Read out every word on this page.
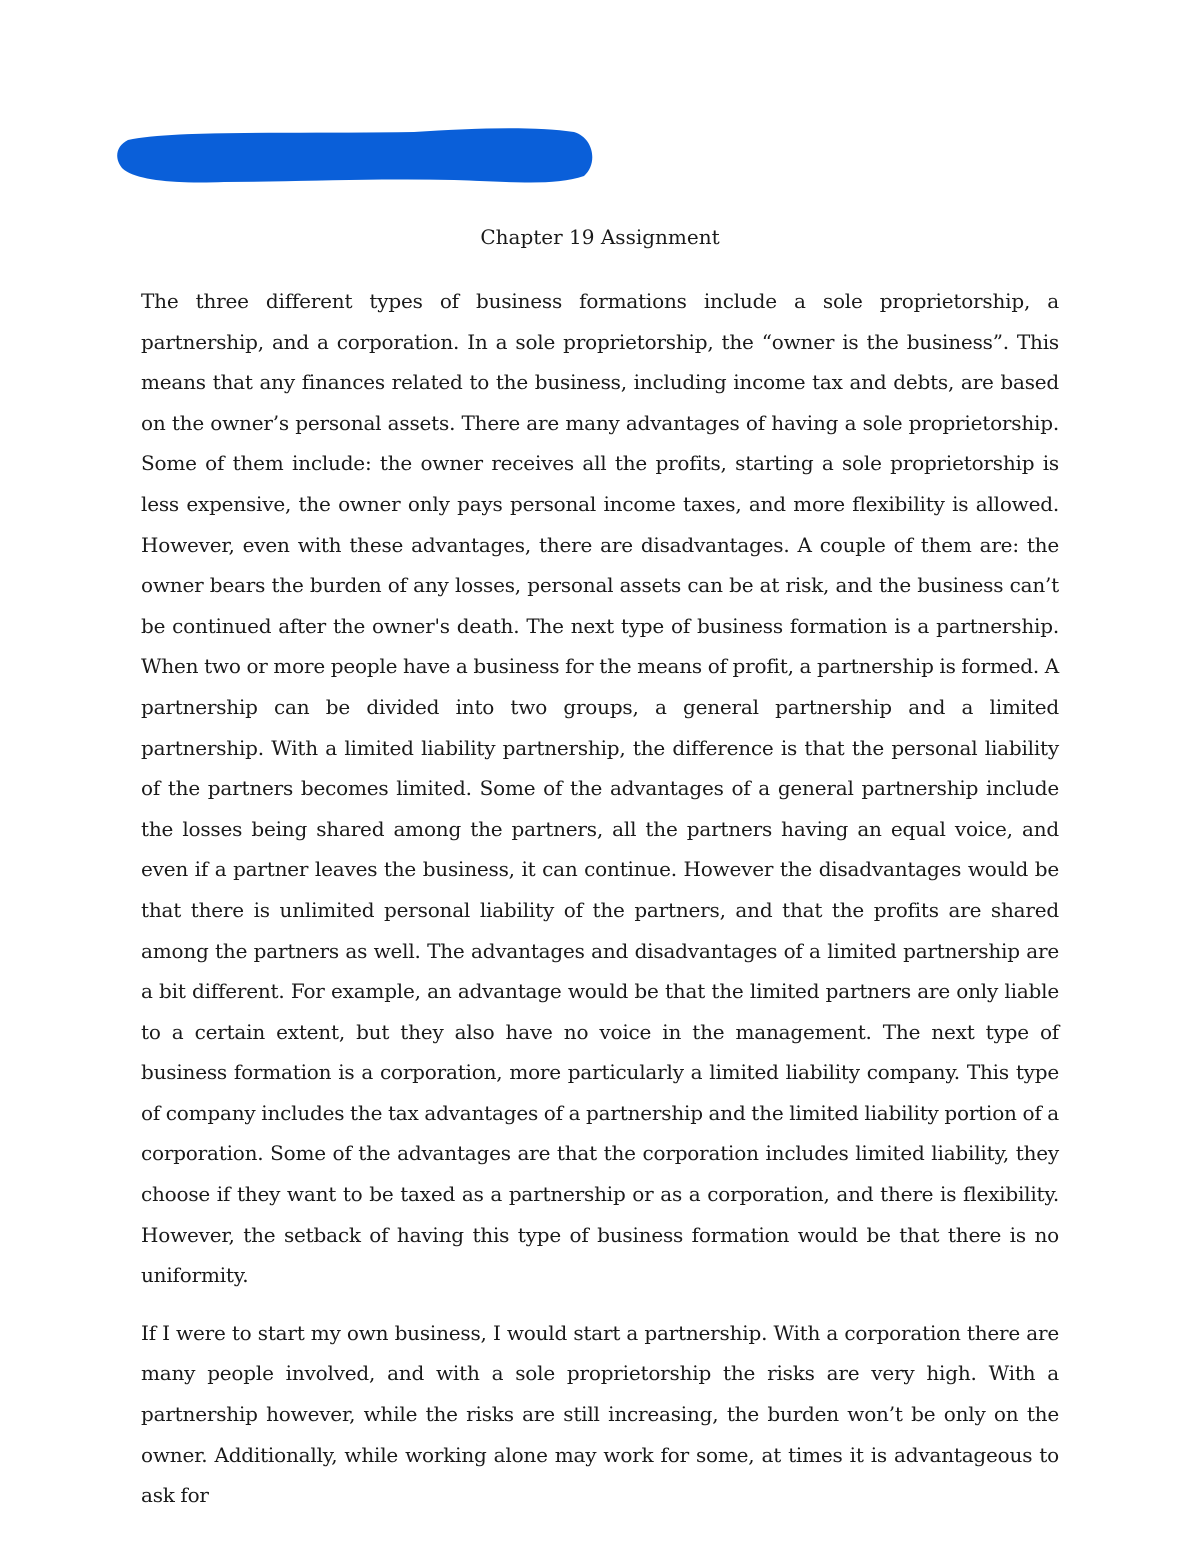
Chapter 19 Assignment

The three different types of business formations include a sole proprietorship, a partnership, and a corporation. In a sole proprietorship, the “owner is the business”. This means that any finances related to the business, including income tax and debts, are based on the owner’s personal assets. There are many advantages of having a sole proprietorship. Some of them include: the owner receives all the profits, starting a sole proprietorship is less expensive, the owner only pays personal income taxes, and more flexibility is allowed. However, even with these advantages, there are disadvantages. A couple of them are: the owner bears the burden of any losses, personal assets can be at risk, and the business can’t be continued after the owner's death. The next type of business formation is a partnership. When two or more people have a business for the means of profit, a partnership is formed. A partnership can be divided into two groups, a general partnership and a limited partnership. With a limited liability partnership, the difference is that the personal liability of the partners becomes limited. Some of the advantages of a general partnership include the losses being shared among the partners, all the partners having an equal voice, and even if a partner leaves the business, it can continue. However the disadvantages would be that there is unlimited personal liability of the partners, and that the profits are shared among the partners as well. The advantages and disadvantages of a limited partnership are a bit different. For example, an advantage would be that the limited partners are only liable to a certain extent, but they also have no voice in the management. The next type of business formation is a corporation, more particularly a limited liability company. This type of company includes the tax advantages of a partnership and the limited liability portion of a corporation. Some of the advantages are that the corporation includes limited liability, they choose if they want to be taxed as a partnership or as a corporation, and there is flexibility. However, the setback of having this type of business formation would be that there is no uniformity.

If I were to start my own business, I would start a partnership. With a corporation there are many people involved, and with a sole proprietorship the risks are very high. With a partnership however, while the risks are still increasing, the burden won’t be only on the owner. Additionally, while working alone may work for some, at times it is advantageous to ask for
